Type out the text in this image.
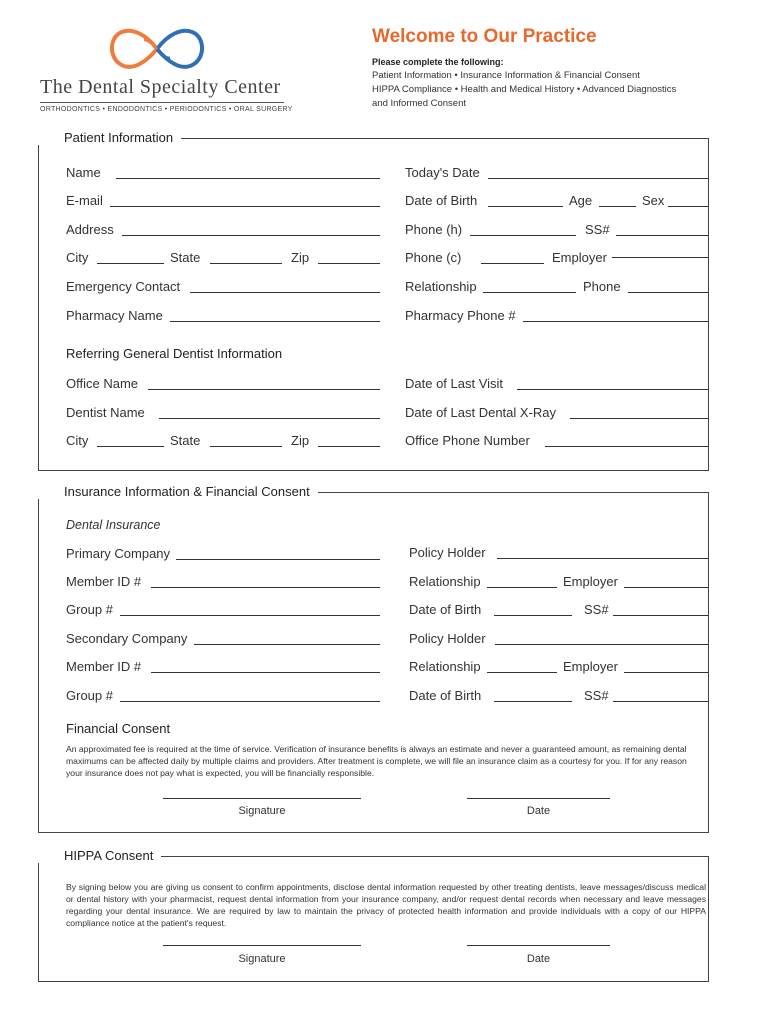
The Dental Specialty Center
ORTHODONTICS • ENDODONTICS • PERIODONTICS • ORAL SURGERY
Welcome to Our Practice
Please complete the following:
Patient Information • Insurance Information & Financial Consent
HIPPA Compliance • Health and Medical History • Advanced Diagnostics
and Informed Consent
Patient Information
Name	Today's Date
E-mail	Date of Birth	Age	Sex
Address	Phone (h)	SS#
City	State	Zip	Phone (c)	Employer
Emergency Contact	Relationship	Phone
Pharmacy Name	Pharmacy Phone #
Referring General Dentist Information
Office Name	Date of Last Visit
Dentist Name	Date of Last Dental X-Ray
City	State	Zip	Office Phone Number
Insurance Information & Financial Consent
Dental Insurance
Primary Company	Policy Holder
Member ID #	Relationship	Employer
Group #	Date of Birth	SS#
Secondary Company	Policy Holder
Member ID #	Relationship	Employer
Group #	Date of Birth	SS#
Financial Consent
An approximated fee is required at the time of service. Verification of insurance benefits is always an estimate and never a guaranteed amount, as remaining dental maximums can be affected daily by multiple claims and providers. After treatment is complete, we will file an insurance claim as a courtesy for you. If for any reason your insurance does not pay what is expected, you will be financially responsible.
Signature	Date
HIPPA Consent
By signing below you are giving us consent to confirm appointments, disclose dental information requested by other treating dentists, leave messages/discuss medical or dental history with your pharmacist, request dental information from your insurance company, and/or request dental records when necessary and leave messages regarding your dental insurance. We are required by law to maintain the privacy of protected health information and provide individuals with a copy of our HIPPA compliance notice at the patient's request.
Signature	Date
